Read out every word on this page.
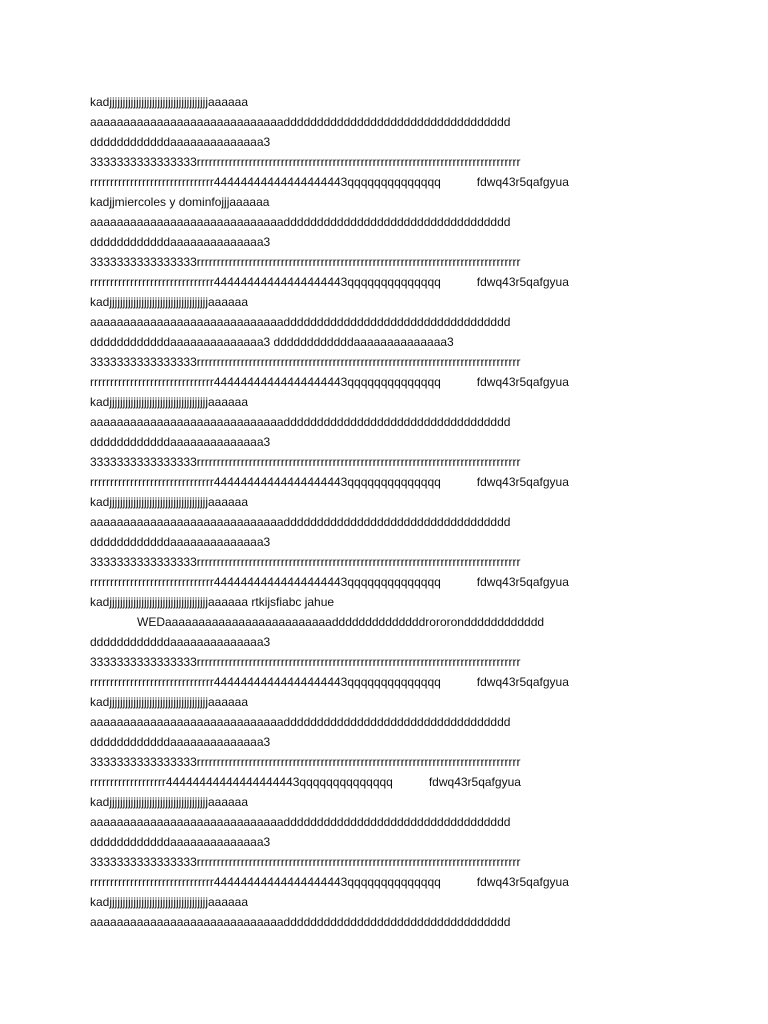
kadjjjjjjjjjjjjjjjjjjjjjjjjjjjjjjjjjjjjjaaaaaa
aaaaaaaaaaaaaaaaaaaaaaaaaaaaadddddddddddddddddddddddddddddddddd
ddddddddddddaaaaaaaaaaaaaa3
3333333333333333rrrrrrrrrrrrrrrrrrrrrrrrrrrrrrrrrrrrrrrrrrrrrrrrrrrrrrrrrrrrrrrrrrrrrrrrrrrrrrrrr
rrrrrrrrrrrrrrrrrrrrrrrrrrrrrrr44444444444444444443qqqqqqqqqqqqqq	fdwq43r5qafgyua
kadjjmiercoles y dominfojjjaaaaaa
aaaaaaaaaaaaaaaaaaaaaaaaaaaaadddddddddddddddddddddddddddddddddd
ddddddddddddaaaaaaaaaaaaaa3
3333333333333333rrrrrrrrrrrrrrrrrrrrrrrrrrrrrrrrrrrrrrrrrrrrrrrrrrrrrrrrrrrrrrrrrrrrrrrrrrrrrrrrr
rrrrrrrrrrrrrrrrrrrrrrrrrrrrrrr44444444444444444443qqqqqqqqqqqqqq	fdwq43r5qafgyua
kadjjjjjjjjjjjjjjjjjjjjjjjjjjjjjjjjjjjjjaaaaaa
aaaaaaaaaaaaaaaaaaaaaaaaaaaaadddddddddddddddddddddddddddddddddd
ddddddddddddaaaaaaaaaaaaaa3 ddddddddddddaaaaaaaaaaaaaa3
3333333333333333rrrrrrrrrrrrrrrrrrrrrrrrrrrrrrrrrrrrrrrrrrrrrrrrrrrrrrrrrrrrrrrrrrrrrrrrrrrrrrrrr
rrrrrrrrrrrrrrrrrrrrrrrrrrrrrrr44444444444444444443qqqqqqqqqqqqqq	fdwq43r5qafgyua
kadjjjjjjjjjjjjjjjjjjjjjjjjjjjjjjjjjjjjjaaaaaa
aaaaaaaaaaaaaaaaaaaaaaaaaaaaadddddddddddddddddddddddddddddddddd
ddddddddddddaaaaaaaaaaaaaa3
3333333333333333rrrrrrrrrrrrrrrrrrrrrrrrrrrrrrrrrrrrrrrrrrrrrrrrrrrrrrrrrrrrrrrrrrrrrrrrrrrrrrrrr
rrrrrrrrrrrrrrrrrrrrrrrrrrrrrrr44444444444444444443qqqqqqqqqqqqqq	fdwq43r5qafgyua
kadjjjjjjjjjjjjjjjjjjjjjjjjjjjjjjjjjjjjjaaaaaa
aaaaaaaaaaaaaaaaaaaaaaaaaaaaadddddddddddddddddddddddddddddddddd
ddddddddddddaaaaaaaaaaaaaa3
3333333333333333rrrrrrrrrrrrrrrrrrrrrrrrrrrrrrrrrrrrrrrrrrrrrrrrrrrrrrrrrrrrrrrrrrrrrrrrrrrrrrrrr
rrrrrrrrrrrrrrrrrrrrrrrrrrrrrrr44444444444444444443qqqqqqqqqqqqqq	fdwq43r5qafgyua
kadjjjjjjjjjjjjjjjjjjjjjjjjjjjjjjjjjjjjjaaaaaa rtkijsfiabc jahue
WEDaaaaaaaaaaaaaaaaaaaaaaaaaddddddddddddddrororondddddddddddd
ddddddddddddaaaaaaaaaaaaaa3
3333333333333333rrrrrrrrrrrrrrrrrrrrrrrrrrrrrrrrrrrrrrrrrrrrrrrrrrrrrrrrrrrrrrrrrrrrrrrrrrrrrrrrr
rrrrrrrrrrrrrrrrrrrrrrrrrrrrrrr44444444444444444443qqqqqqqqqqqqqq	fdwq43r5qafgyua
kadjjjjjjjjjjjjjjjjjjjjjjjjjjjjjjjjjjjjjaaaaaa
aaaaaaaaaaaaaaaaaaaaaaaaaaaaadddddddddddddddddddddddddddddddddd
ddddddddddddaaaaaaaaaaaaaa3
3333333333333333rrrrrrrrrrrrrrrrrrrrrrrrrrrrrrrrrrrrrrrrrrrrrrrrrrrrrrrrrrrrrrrrrrrrrrrrrrrrrrrrr
rrrrrrrrrrrrrrrrrrr44444444444444444443qqqqqqqqqqqqqq	fdwq43r5qafgyua
kadjjjjjjjjjjjjjjjjjjjjjjjjjjjjjjjjjjjjjaaaaaa
aaaaaaaaaaaaaaaaaaaaaaaaaaaaadddddddddddddddddddddddddddddddddd
ddddddddddddaaaaaaaaaaaaaa3
3333333333333333rrrrrrrrrrrrrrrrrrrrrrrrrrrrrrrrrrrrrrrrrrrrrrrrrrrrrrrrrrrrrrrrrrrrrrrrrrrrrrrrr
rrrrrrrrrrrrrrrrrrrrrrrrrrrrrrr44444444444444444443qqqqqqqqqqqqqq	fdwq43r5qafgyua
kadjjjjjjjjjjjjjjjjjjjjjjjjjjjjjjjjjjjjjaaaaaa
aaaaaaaaaaaaaaaaaaaaaaaaaaaaadddddddddddddddddddddddddddddddddd
